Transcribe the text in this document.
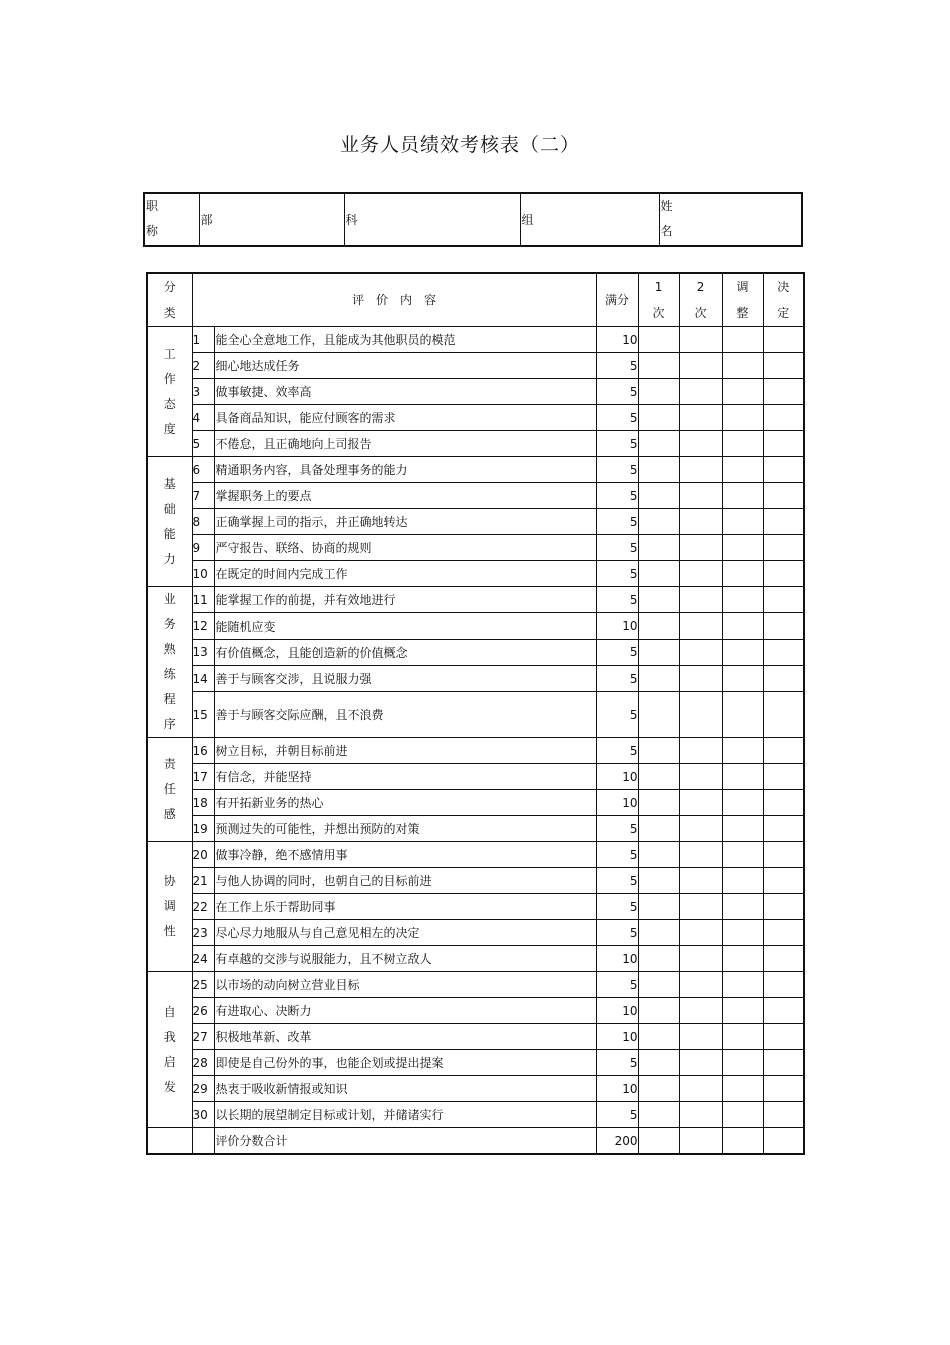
业务人员绩效考核表（二）
职称	部	科	组	姓名
分类	评　价　内　容		满分	1次	2次	调整	决定
工作态度	1	能全心全意地工作，且能成为其他职员的模范	10				
	2	细心地达成任务	5				
	3	做事敏捷、效率高	5				
	4	具备商品知识，能应付顾客的需求	5				
	5	不倦怠，且正确地向上司报告	5				
基础能力	6	精通职务内容，具备处理事务的能力	5				
	7	掌握职务上的要点	5				
	8	正确掌握上司的指示，并正确地转达	5				
	9	严守报告、联络、协商的规则	5				
	10	在既定的时间内完成工作	5				
业务熟练程序	11	能掌握工作的前提，并有效地进行	5				
	12	能随机应变	10				
	13	有价值概念，且能创造新的价值概念	5				
	14	善于与顾客交涉，且说服力强	5				
	15	善于与顾客交际应酬，且不浪费	5				
责任感	16	树立目标，并朝目标前进	5				
	17	有信念，并能坚持	10				
	18	有开拓新业务的热心	10				
	19	预测过失的可能性，并想出预防的对策	5				
协调性	20	做事冷静，绝不感情用事	5				
	21	与他人协调的同时，也朝自己的目标前进	5				
	22	在工作上乐于帮助同事	5				
	23	尽心尽力地服从与自己意见相左的决定	5				
	24	有卓越的交涉与说服能力，且不树立敌人	10				
自我启发	25	以市场的动向树立营业目标	5				
	26	有进取心、决断力	10				
	27	积极地革新、改革	10				
	28	即使是自己份外的事，也能企划或提出提案	5				
	29	热衷于吸收新情报或知识	10				
	30	以长期的展望制定目标或计划，并储诸实行	5				
		评价分数合计	200				
